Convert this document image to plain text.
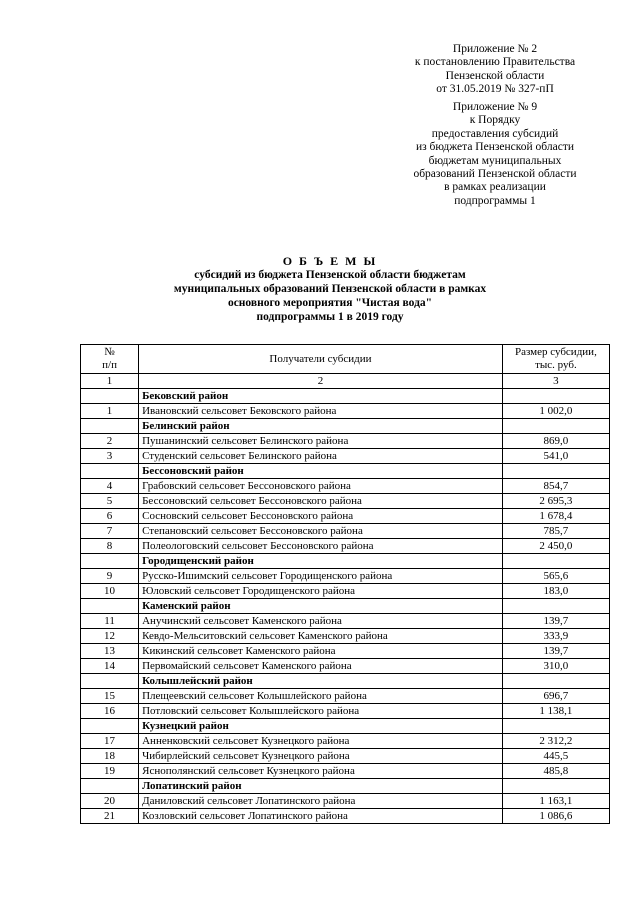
Приложение № 2
к постановлению Правительства
Пензенской области
от 31.05.2019 № 327-пП
Приложение № 9
к Порядку
предоставления субсидий
из бюджета Пензенской области
бюджетам муниципальных
образований Пензенской области
в рамках реализации
подпрограммы 1
О Б Ъ Е М Ы
субсидий из бюджета Пензенской области бюджетам
муниципальных образований Пензенской области в рамках
основного мероприятия "Чистая вода"
подпрограммы 1 в 2019 году
№
п/п	Получатели субсидии	Размер субсидии,
тыс. руб.
1	2	3
	Бековский район	
1	Ивановский сельсовет Бековского района	1 002,0
	Белинский район	
2	Пушанинский сельсовет Белинского района	869,0
3	Студенский сельсовет Белинского района	541,0
	Бессоновский район	
4	Грабовский сельсовет Бессоновского района	854,7
5	Бессоновский сельсовет Бессоновского района	2 695,3
6	Сосновский сельсовет Бессоновского района	1 678,4
7	Степановский сельсовет Бессоновского района	785,7
8	Полеологовский сельсовет Бессоновского района	2 450,0
	Городищенский район	
9	Русско-Ишимский сельсовет Городищенского района	565,6
10	Юловский сельсовет Городищенского района	183,0
	Каменский район	
11	Анучинский сельсовет Каменского района	139,7
12	Кевдо-Мельситовский сельсовет Каменского района	333,9
13	Кикинский сельсовет Каменского района	139,7
14	Первомайский сельсовет Каменского района	310,0
	Колышлейский район	
15	Плещеевский сельсовет Колышлейского района	696,7
16	Потловский сельсовет Колышлейского района	1 138,1
	Кузнецкий район	
17	Анненковский сельсовет Кузнецкого района	2 312,2
18	Чибирлейский сельсовет Кузнецкого района	445,5
19	Яснополянский сельсовет Кузнецкого района	485,8
	Лопатинский район	
20	Даниловский сельсовет Лопатинского района	1 163,1
21	Козловский сельсовет Лопатинского района	1 086,6
